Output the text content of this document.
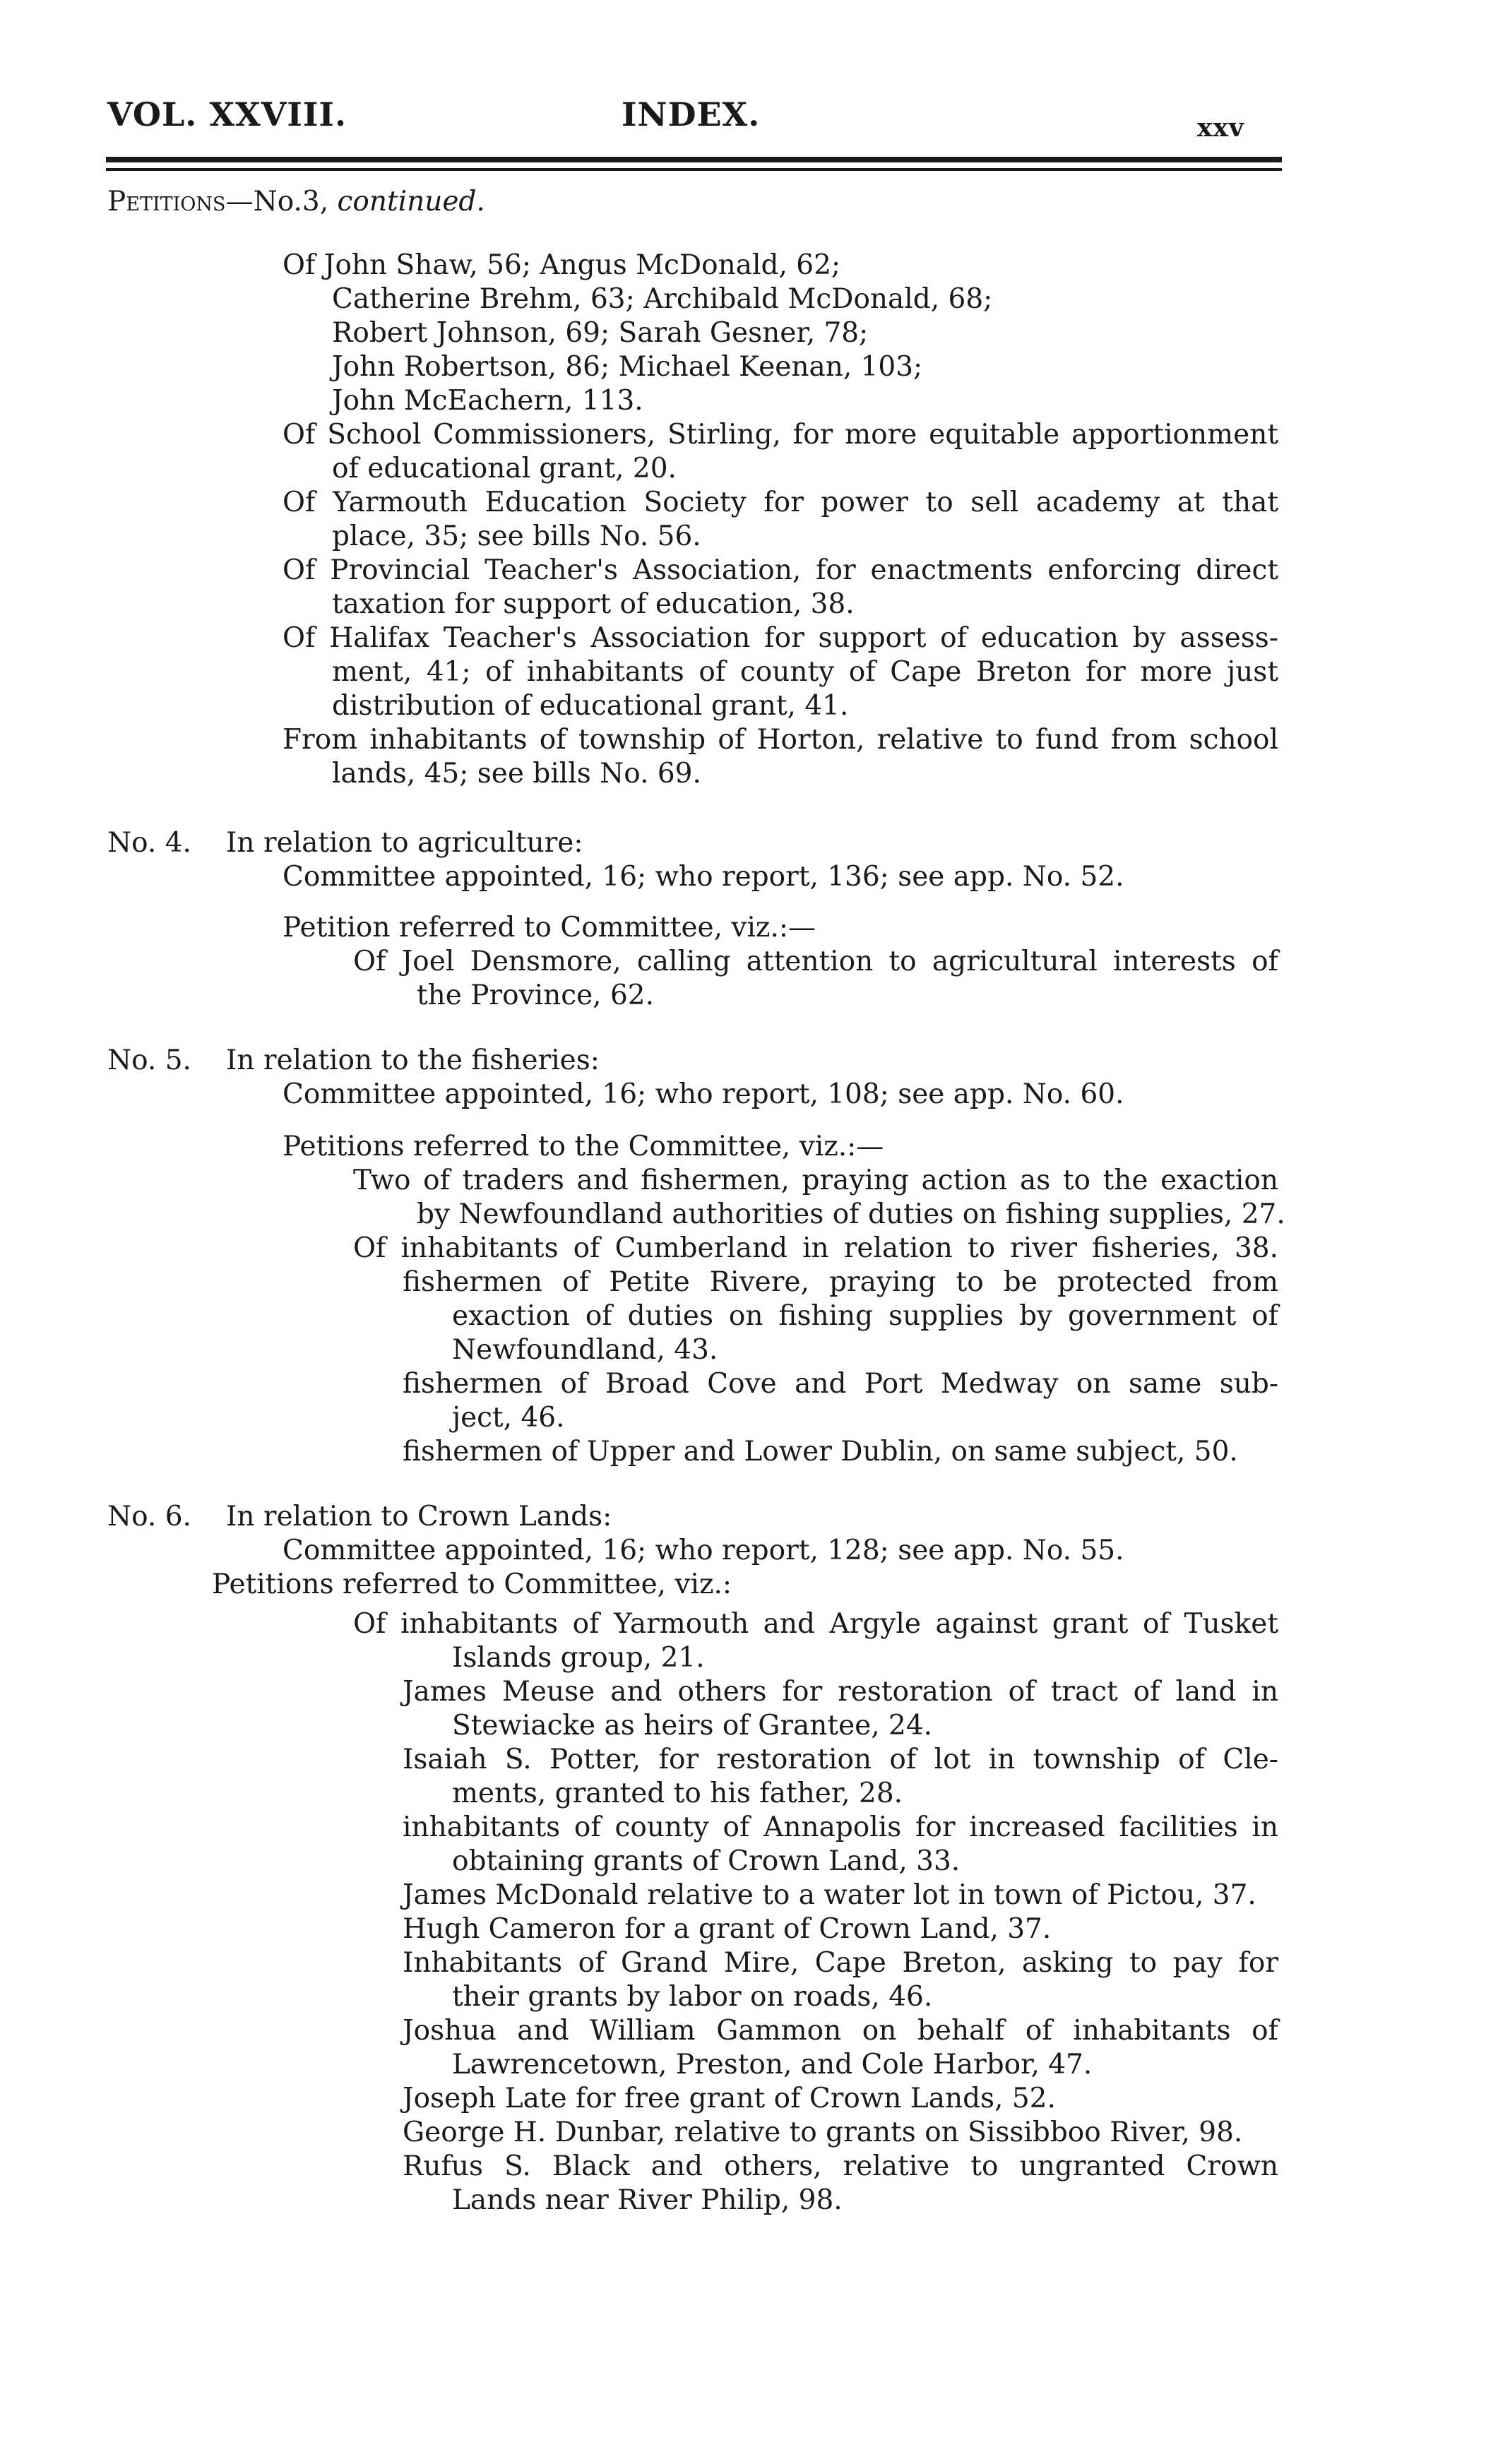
VOL. XXVIII.	INDEX.	xxv
Petitions—No.3, continued.
Of John Shaw, 56; Angus McDonald, 62;
Catherine Brehm, 63; Archibald McDonald, 68;
Robert Johnson, 69; Sarah Gesner, 78;
John Robertson, 86; Michael Keenan, 103;
John McEachern, 113.
Of School Commissioners, Stirling, for more equitable apportionment
of educational grant, 20.
Of Yarmouth Education Society for power to sell academy at that
place, 35; see bills No. 56.
Of Provincial Teacher's Association, for enactments enforcing direct
taxation for support of education, 38.
Of Halifax Teacher's Association for support of education by assess-
ment, 41; of inhabitants of county of Cape Breton for more just
distribution of educational grant, 41.
From inhabitants of township of Horton, relative to fund from school
lands, 45; see bills No. 69.
No. 4. In relation to agriculture:
Committee appointed, 16; who report, 136; see app. No. 52.
Petition referred to Committee, viz.:—
Of Joel Densmore, calling attention to agricultural interests of
the Province, 62.
No. 5. In relation to the fisheries:
Committee appointed, 16; who report, 108; see app. No. 60.
Petitions referred to the Committee, viz.:—
Two of traders and fishermen, praying action as to the exaction
by Newfoundland authorities of duties on fishing supplies, 27.
Of inhabitants of Cumberland in relation to river fisheries, 38.
fishermen of Petite Rivere, praying to be protected from
exaction of duties on fishing supplies by government of
Newfoundland, 43.
fishermen of Broad Cove and Port Medway on same sub-
ject, 46.
fishermen of Upper and Lower Dublin, on same subject, 50.
No. 6. In relation to Crown Lands:
Committee appointed, 16; who report, 128; see app. No. 55.
Petitions referred to Committee, viz.:
Of inhabitants of Yarmouth and Argyle against grant of Tusket
Islands group, 21.
James Meuse and others for restoration of tract of land in
Stewiacke as heirs of Grantee, 24.
Isaiah S. Potter, for restoration of lot in township of Cle-
ments, granted to his father, 28.
inhabitants of county of Annapolis for increased facilities in
obtaining grants of Crown Land, 33.
James McDonald relative to a water lot in town of Pictou, 37.
Hugh Cameron for a grant of Crown Land, 37.
Inhabitants of Grand Mire, Cape Breton, asking to pay for
their grants by labor on roads, 46.
Joshua and William Gammon on behalf of inhabitants of
Lawrencetown, Preston, and Cole Harbor, 47.
Joseph Late for free grant of Crown Lands, 52.
George H. Dunbar, relative to grants on Sissibboo River, 98.
Rufus S. Black and others, relative to ungranted Crown
Lands near River Philip, 98.
